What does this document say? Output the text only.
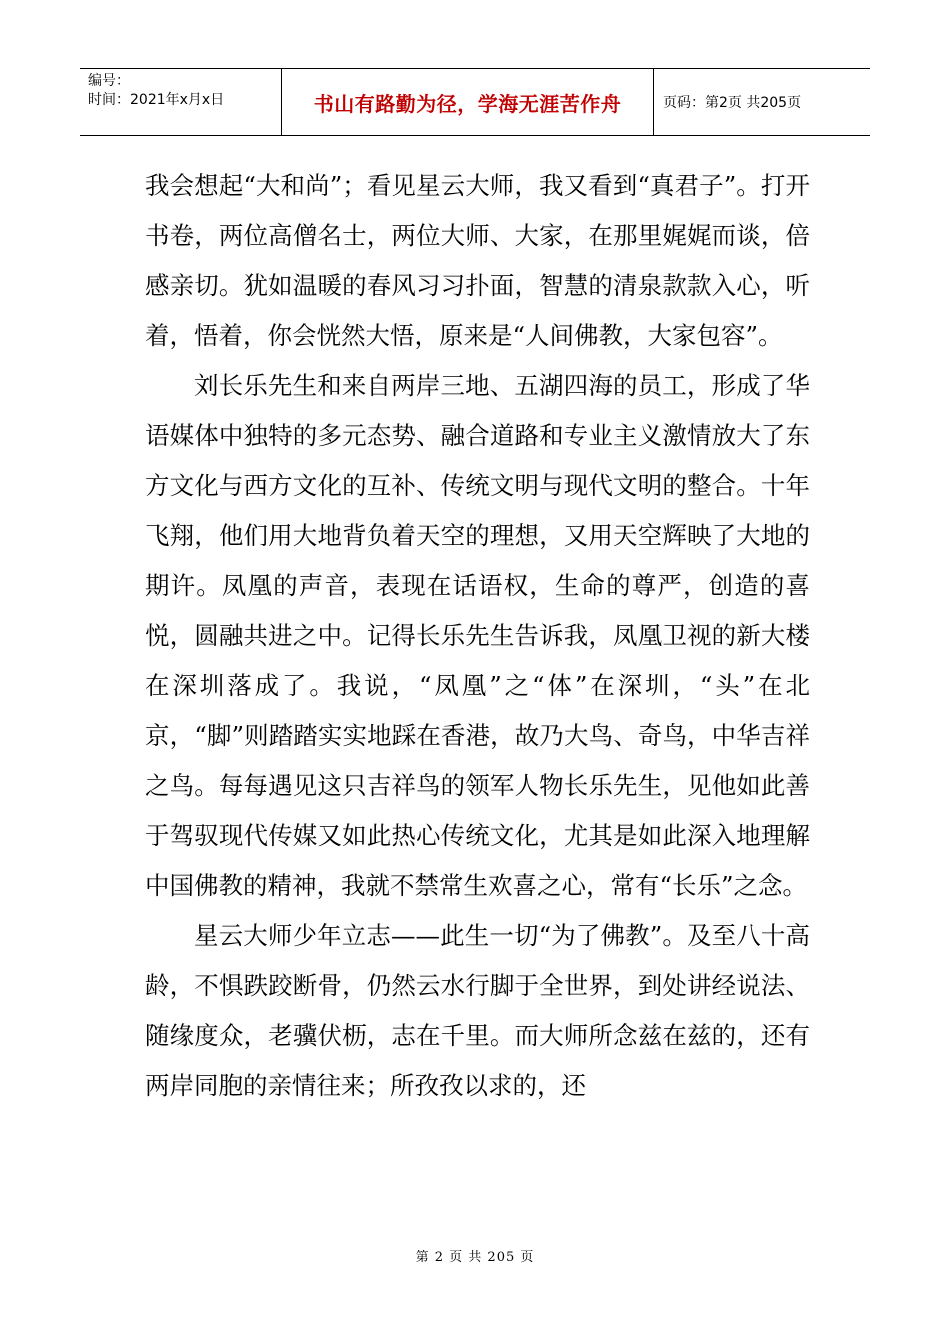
编号：
时间：2021年x月x日	书山有路勤为径，学海无涯苦作舟	页码：第2页 共205页

我会想起“大和尚”；看见星云大师，我又看到“真君子”。打开书卷，两位高僧名士，两位大师、大家，在那里娓娓而谈，倍感亲切。犹如温暖的春风习习扑面，智慧的清泉款款入心，听着，悟着，你会恍然大悟，原来是“人间佛教，大家包容”。

刘长乐先生和来自两岸三地、五湖四海的员工，形成了华语媒体中独特的多元态势、融合道路和专业主义激情放大了东方文化与西方文化的互补、传统文明与现代文明的整合。十年飞翔，他们用大地背负着天空的理想，又用天空辉映了大地的期许。凤凰的声音，表现在话语权，生命的尊严，创造的喜悦，圆融共进之中。记得长乐先生告诉我，凤凰卫视的新大楼在深圳落成了。我说，“凤凰”之“体”在深圳，“头”在北京，“脚”则踏踏实实地踩在香港，故乃大鸟、奇鸟，中华吉祥之鸟。每每遇见这只吉祥鸟的领军人物长乐先生，见他如此善于驾驭现代传媒又如此热心传统文化，尤其是如此深入地理解中国佛教的精神，我就不禁常生欢喜之心，常有“长乐”之念。

星云大师少年立志——此生一切“为了佛教”。及至八十高龄，不惧跌跤断骨，仍然云水行脚于全世界，到处讲经说法、随缘度众，老骥伏枥，志在千里。而大师所念兹在兹的，还有两岸同胞的亲情往来；所孜孜以求的，还

第 2 页 共 205 页
